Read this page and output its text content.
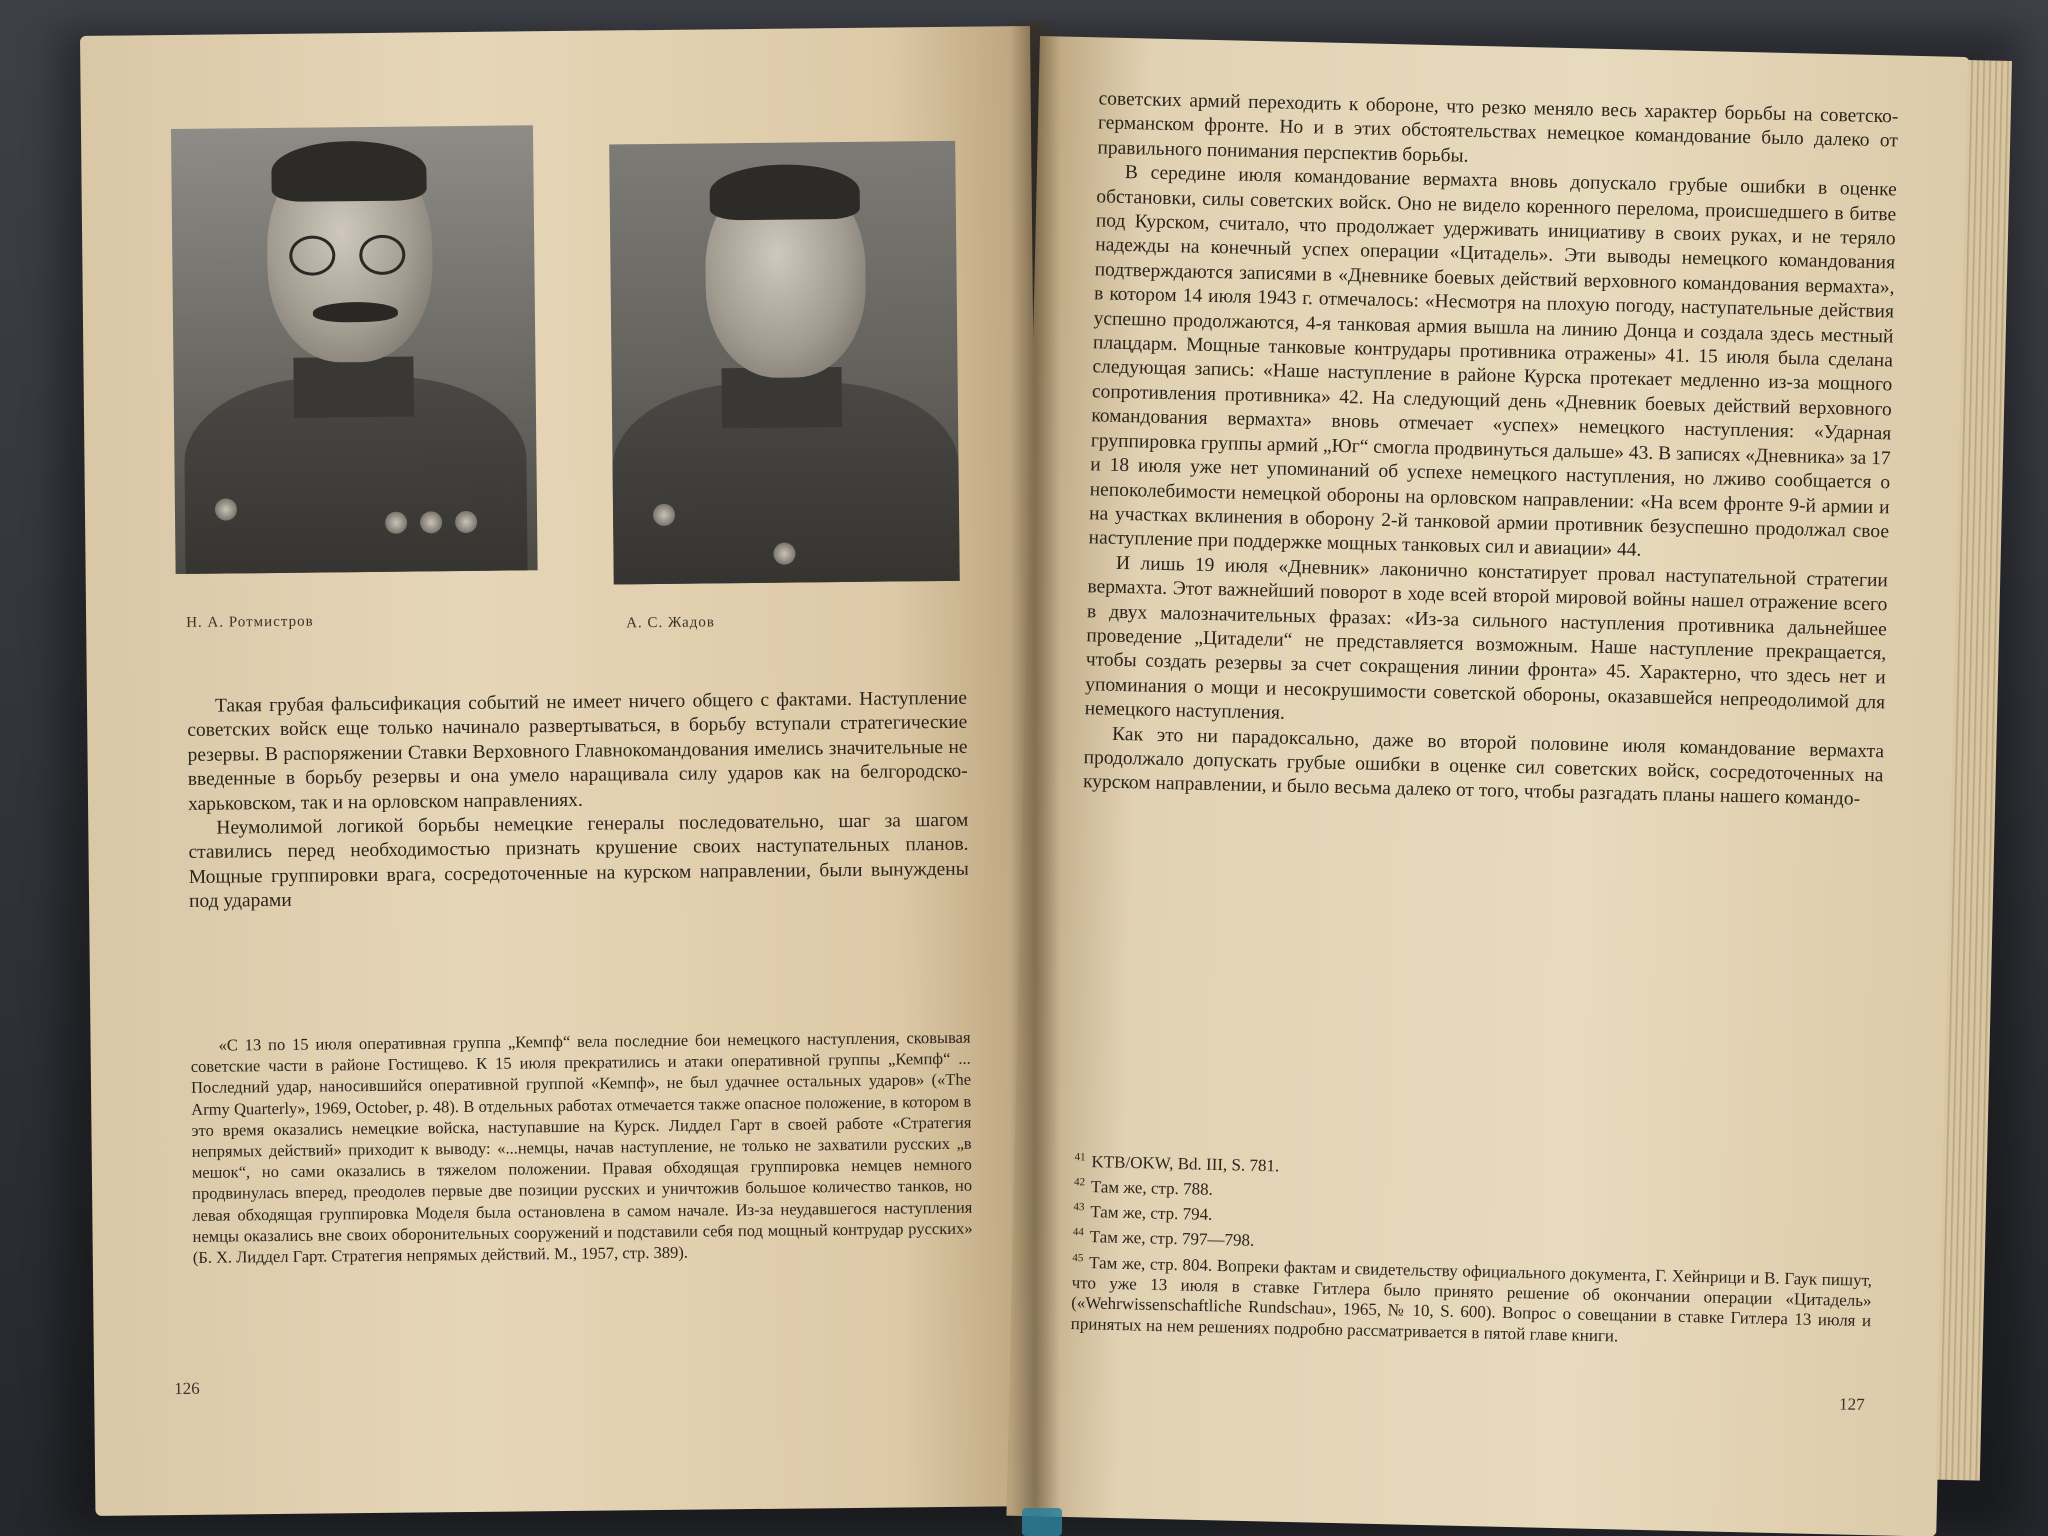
Н. А. Ротмистров	А. С. Жадов

Такая грубая фальсификация событий не имеет ничего общего с фактами. Наступление советских войск еще только начинало развертываться, в борьбу вступали стратегические резервы. В распоряжении Ставки Верховного Главнокомандования имелись значительные не введенные в борьбу резервы и она умело наращивала силу ударов как на белгородско-харьковском, так и на орловском направлениях.

Неумолимой логикой борьбы немецкие генералы последовательно, шаг за шагом ставились перед необходимостью признать крушение своих наступательных планов. Мощные группировки врага, сосредоточенные на курском направлении, были вынуждены под ударами

«С 13 по 15 июля оперативная группа „Кемпф“ вела последние бои немецкого наступления, сковывая советские части в районе Гостищево. К 15 июля прекратились и атаки оперативной группы „Кемпф“ ... Последний удар, наносившийся оперативной группой «Кемпф», не был удачнее остальных ударов» («The Army Quarterly», 1969, October, p. 48). В отдельных работах отмечается также опасное положение, в котором в это время оказались немецкие войска, наступавшие на Курск. Лиддел Гарт в своей работе «Стратегия непрямых действий» приходит к выводу: «...немцы, начав наступление, не только не захватили русских „в мешок“, но сами оказались в тяжелом положении. Правая обходящая группировка немцев немного продвинулась вперед, преодолев первые две позиции русских и уничтожив большое количество танков, но левая обходящая группировка Моделя была остановлена в самом начале. Из-за неудавшегося наступления немцы оказались вне своих оборонительных сооружений и подставили себя под мощный контрудар русских» (Б. Х. Лиддел Гарт. Стратегия непрямых действий. М., 1957, стр. 389).

126

советских армий переходить к обороне, что резко меняло весь характер борьбы на советско-германском фронте. Но и в этих обстоятельствах немецкое командование было далеко от правильного понимания перспектив борьбы.

В середине июля командование вермахта вновь допускало грубые ошибки в оценке обстановки, силы советских войск. Оно не видело коренного перелома, происшедшего в битве под Курском, считало, что продолжает удерживать инициативу в своих руках, и не теряло надежды на конечный успех операции «Цитадель». Эти выводы немецкого командования подтверждаются записями в «Дневнике боевых действий верховного командования вермахта», в котором 14 июля 1943 г. отмечалось: «Несмотря на плохую погоду, наступательные действия успешно продолжаются, 4-я танковая армия вышла на линию Донца и создала здесь местный плацдарм. Мощные танковые контрудары противника отражены» 41. 15 июля была сделана следующая запись: «Наше наступление в районе Курска протекает медленно из-за мощного сопротивления противника» 42. На следующий день «Дневник боевых действий верховного командования вермахта» вновь отмечает «успех» немецкого наступления: «Ударная группировка группы армий „Юг“ смогла продвинуться дальше» 43. В записях «Дневника» за 17 и 18 июля уже нет упоминаний об успехе немецкого наступления, но лживо сообщается о непоколебимости немецкой обороны на орловском направлении: «На всем фронте 9-й армии и на участках вклинения в оборону 2-й танковой армии противник безуспешно продолжал свое наступление при поддержке мощных танковых сил и авиации» 44.

И лишь 19 июля «Дневник» лаконично констатирует провал наступательной стратегии вермахта. Этот важнейший поворот в ходе всей второй мировой войны нашел отражение всего в двух малозначительных фразах: «Из-за сильного наступления противника дальнейшее проведение „Цитадели“ не представляется возможным. Наше наступление прекращается, чтобы создать резервы за счет сокращения линии фронта» 45. Характерно, что здесь нет и упоминания о мощи и несокрушимости советской обороны, оказавшейся непреодолимой для немецкого наступления.

Как это ни парадоксально, даже во второй половине июля командование вермахта продолжало допускать грубые ошибки в оценке сил советских войск, сосредоточенных на курском направлении, и было весьма далеко от того, чтобы разгадать планы нашего командо-

$^{41}$ KTB/OKW, Bd. III, S. 781.
$^{42}$ Там же, стр. 788.
$^{43}$ Там же, стр. 794.
$^{44}$ Там же, стр. 797—798.
$^{45}$ Там же, стр. 804. Вопреки фактам и свидетельству официального документа, Г. Хейнрици и В. Гаук пишут, что уже 13 июля в ставке Гитлера было принято решение об окончании операции «Цитадель» («Wehrwissenschaftliche Rundschau», 1965, № 10, S. 600). Вопрос о совещании в ставке Гитлера 13 июля и принятых на нем решениях подробно рассматривается в пятой главе книги.
127
